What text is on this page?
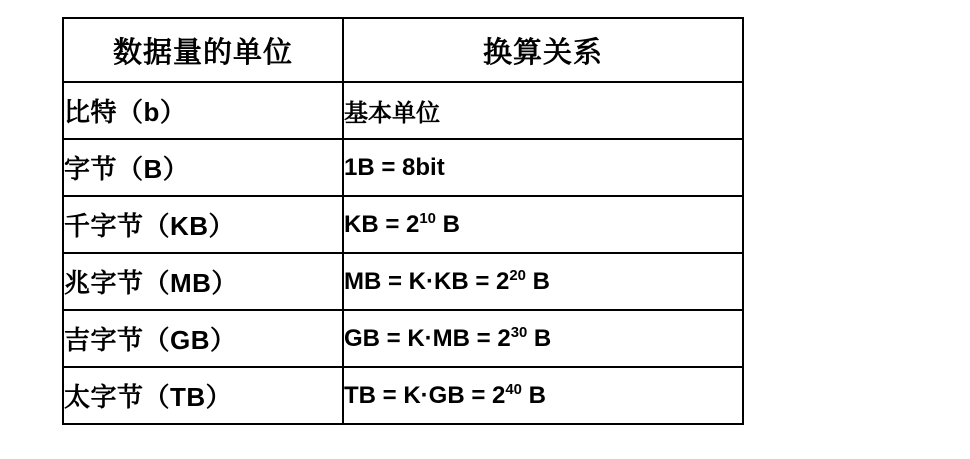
数据量的单位	换算关系
比特（b）	基本单位
字节（B）	1B = 8bit
千字节（KB）	KB = $2^{10}$ B
兆字节（MB）	MB = $K\cdot KB = 2^{20}$ B
吉字节（GB）	GB = $K\cdot MB = 2^{30}$ B
太字节（TB）	TB = $K\cdot GB = 2^{40}$ B
